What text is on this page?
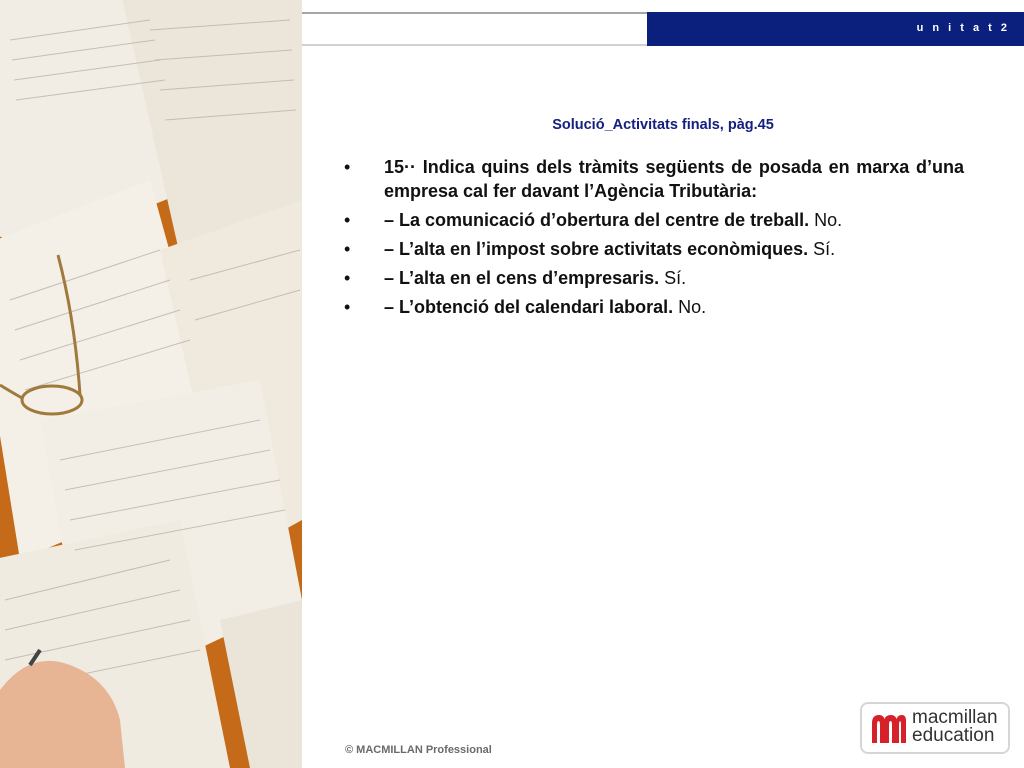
u n i t a t 2
Solució_Activitats finals, pàg.45
• 15·· Indica quins dels tràmits següents de posada en marxa d’una empresa cal fer davant l’Agència Tributària:
• – La comunicació d’obertura del centre de treball. No.
• – L’alta en l’impost sobre activitats econòmiques. Sí.
• – L’alta en el cens d’empresaris. Sí.
• – L’obtenció del calendari laboral. No.
© MACMILLAN Professional
macmillan
education
